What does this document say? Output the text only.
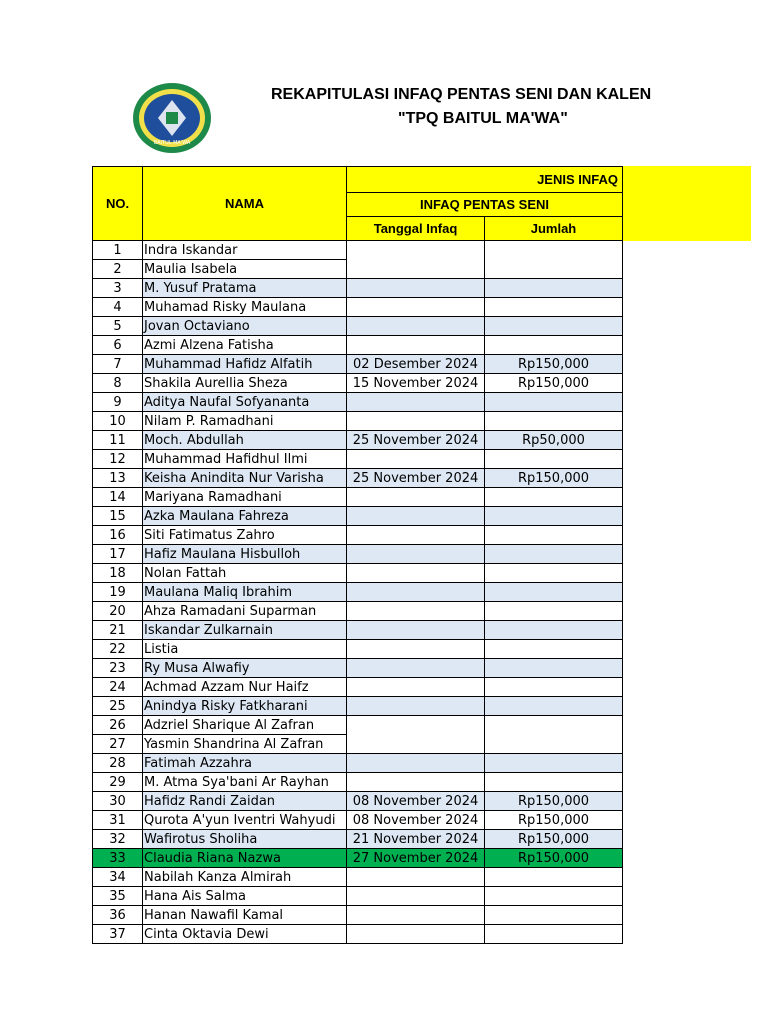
BAITUL MA'WA
REKAPITULASI INFAQ PENTAS SENI DAN KALEN
"TPQ BAITUL MA'WA"
NO.	NAMA	JENIS INFAQ	
		INFAQ PENTAS SENI	
		Tanggal Infaq	Jumlah
1	Indra Iskandar		
2	Maulia Isabela		
3	M. Yusuf Pratama		
4	Muhamad Risky Maulana		
5	Jovan Octaviano		
6	Azmi Alzena Fatisha		
7	Muhammad Hafidz Alfatih	02 Desember 2024	Rp150,000
8	Shakila Aurellia Sheza	15 November 2024	Rp150,000
9	Aditya Naufal Sofyananta		
10	Nilam P. Ramadhani		
11	Moch. Abdullah	25 November 2024	Rp50,000
12	Muhammad Hafidhul Ilmi		
13	Keisha Anindita Nur Varisha	25 November 2024	Rp150,000
14	Mariyana Ramadhani		
15	Azka Maulana Fahreza		
16	Siti Fatimatus Zahro		
17	Hafiz Maulana Hisbulloh		
18	Nolan Fattah		
19	Maulana Maliq Ibrahim		
20	Ahza Ramadani Suparman		
21	Iskandar Zulkarnain		
22	Listia		
23	Ry Musa Alwafiy		
24	Achmad Azzam Nur Haifz		
25	Anindya Risky Fatkharani		
26	Adzriel Sharique Al Zafran		
27	Yasmin Shandrina Al Zafran		
28	Fatimah Azzahra		
29	M. Atma Sya'bani Ar Rayhan		
30	Hafidz Randi Zaidan	08 November 2024	Rp150,000
31	Qurota A'yun Iventri Wahyudi	08 November 2024	Rp150,000
32	Wafirotus Sholiha	21 November 2024	Rp150,000
33	Claudia Riana Nazwa	27 November 2024	Rp150,000
34	Nabilah Kanza Almirah		
35	Hana Ais Salma		
36	Hanan Nawafil Kamal		
37	Cinta Oktavia Dewi		
